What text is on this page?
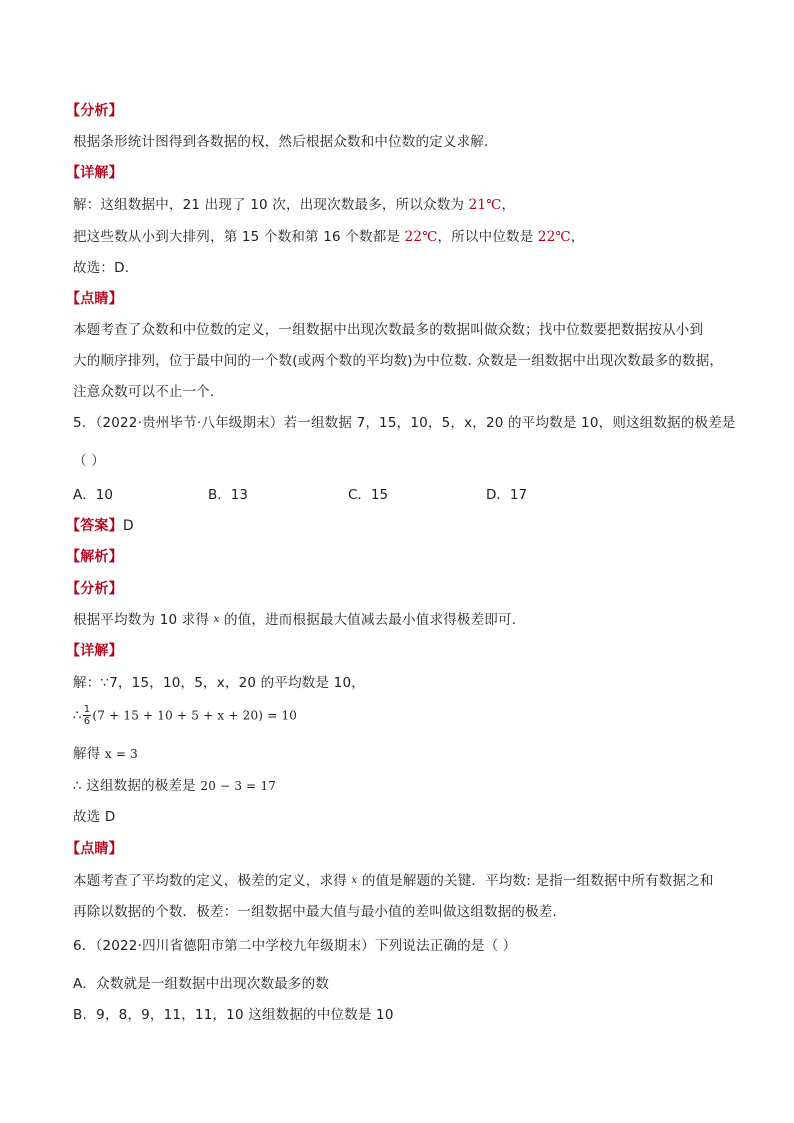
【分析】
根据条形统计图得到各数据的权，然后根据众数和中位数的定义求解．
【详解】
解：这组数据中，21 出现了 10 次，出现次数最多，所以众数为 21℃，
把这些数从小到大排列，第 15 个数和第 16 个数都是 22℃，所以中位数是 22℃，
故选：D．
【点睛】
本题考查了众数和中位数的定义，一组数据中出现次数最多的数据叫做众数；找中位数要把数据按从小到
大的顺序排列，位于最中间的一个数(或两个数的平均数)为中位数. 众数是一组数据中出现次数最多的数据，
注意众数可以不止一个．
5．（2022·贵州毕节·八年级期末）若一组数据 7，15，10，5，x，20 的平均数是 10，则这组数据的极差是
（ ）
A．10	B．13	C．15	D．17
【答案】D
【解析】
【分析】
根据平均数为 10 求得 $^x$ 的值，进而根据最大值减去最小值求得极差即可．
【详解】
解：∵7，15，10，5，x，20 的平均数是 10，
∴ $\frac{1}{6} (7 + 15 + 10 + 5 + x + 20) = 10$
解得 x = 3
∴ 这组数据的极差是 20 − 3 = 17
故选 D
【点睛】
本题考查了平均数的定义，极差的定义，求得 $^x$ 的值是解题的关键．平均数: 是指一组数据中所有数据之和
再除以数据的个数．极差：一组数据中最大值与最小值的差叫做这组数据的极差．
6．（2022·四川省德阳市第二中学校九年级期末）下列说法正确的是（ ）
A．众数就是一组数据中出现次数最多的数
B．9，8，9，11，11，10 这组数据的中位数是 10
